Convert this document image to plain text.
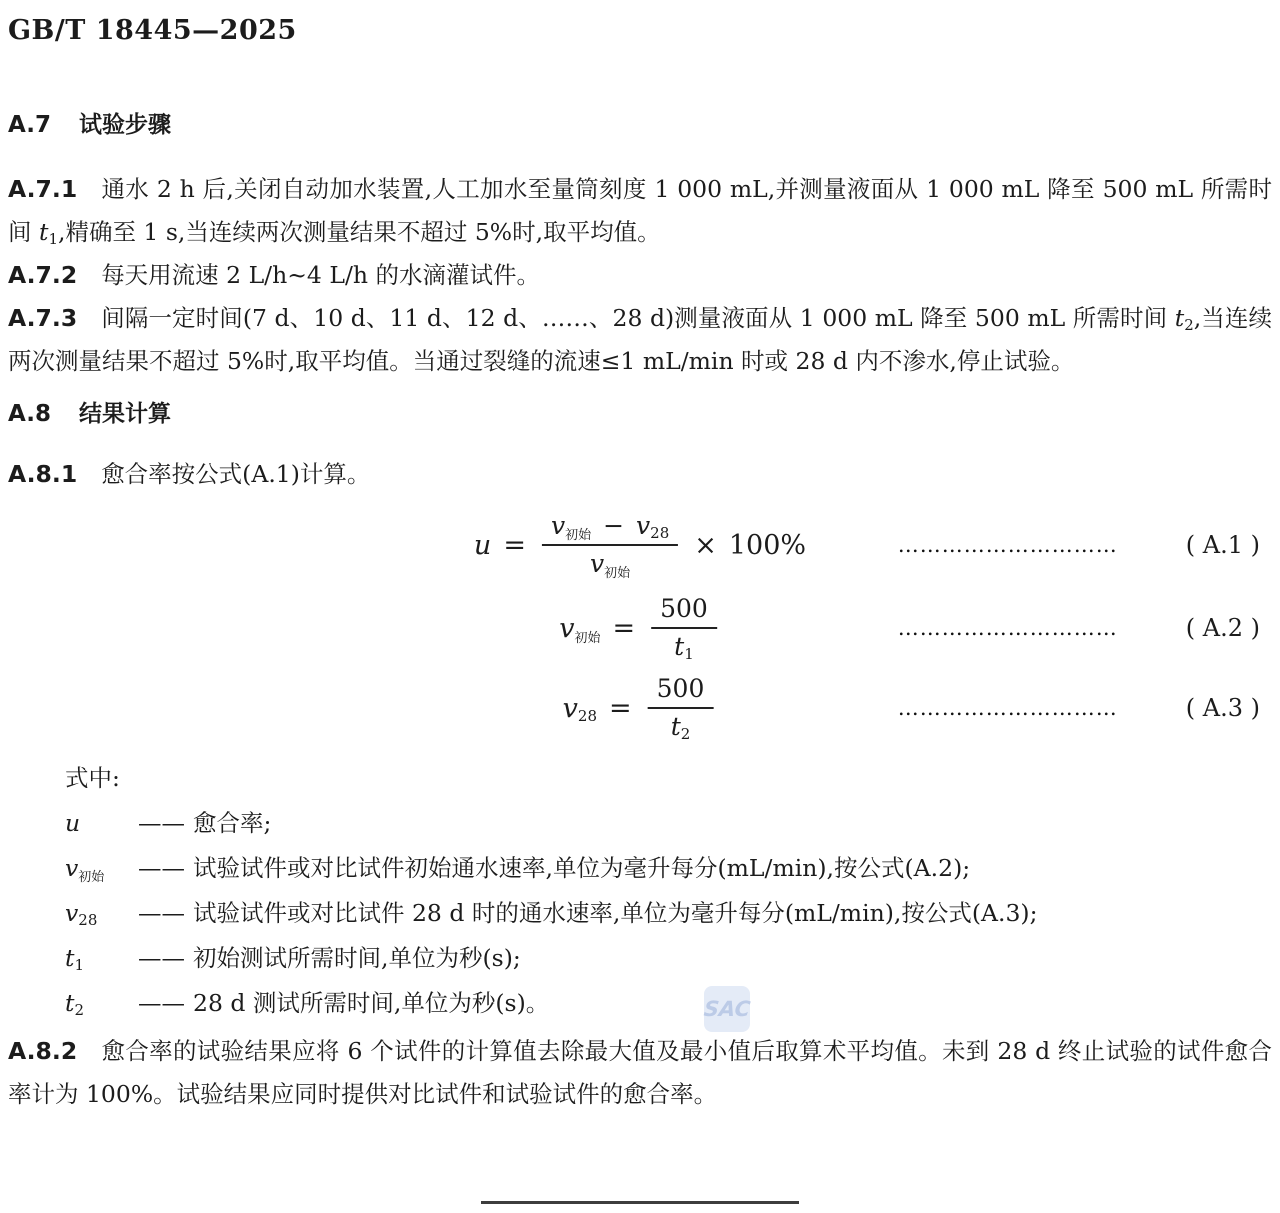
SAC
GB/T 18445—2025
A.7 试验步骤

A.7.1 通水 2 h 后,关闭自动加水装置,人工加水至量筒刻度 1 000 mL,并测量液面从 1 000 mL 降至 500 mL 所需时间 $t_1$,精确至 1 s,当连续两次测量结果不超过 5%时,取平均值。

A.7.2 每天用流速 2 L/h~4 L/h 的水滴灌试件。

A.7.3 间隔一定时间(7 d、10 d、11 d、12 d、……、28 d)测量液面从 1 000 mL 降至 500 mL 所需时间 $t_2$,当连续两次测量结果不超过 5%时,取平均值。当通过裂缝的流速≤1 mL/min 时或 28 d 内不渗水,停止试验。

A.8 结果计算

A.8.1 愈合率按公式(A.1)计算。

$u = \frac{v_{初始} - v_{28}}{v_{初始}} \times 100\%$	…………………………	( A.1 )
$v_{初始} = \frac{500}{t_1}$	…………………………	( A.2 )
$v_{28} = \frac{500}{t_2}$	…………………………	( A.3 )
式中:
u —— 愈合率;
$v_{初始}$ —— 试验试件或对比试件初始通水速率,单位为毫升每分(mL/min),按公式(A.2);
$v_{28}$ —— 试验试件或对比试件 28 d 时的通水速率,单位为毫升每分(mL/min),按公式(A.3);
$t_1$ —— 初始测试所需时间,单位为秒(s);
$t_2$ —— 28 d 测试所需时间,单位为秒(s)。

A.8.2 愈合率的试验结果应将 6 个试件的计算值去除最大值及最小值后取算术平均值。未到 28 d 终止试验的试件愈合率计为 100%。试验结果应同时提供对比试件和试验试件的愈合率。
